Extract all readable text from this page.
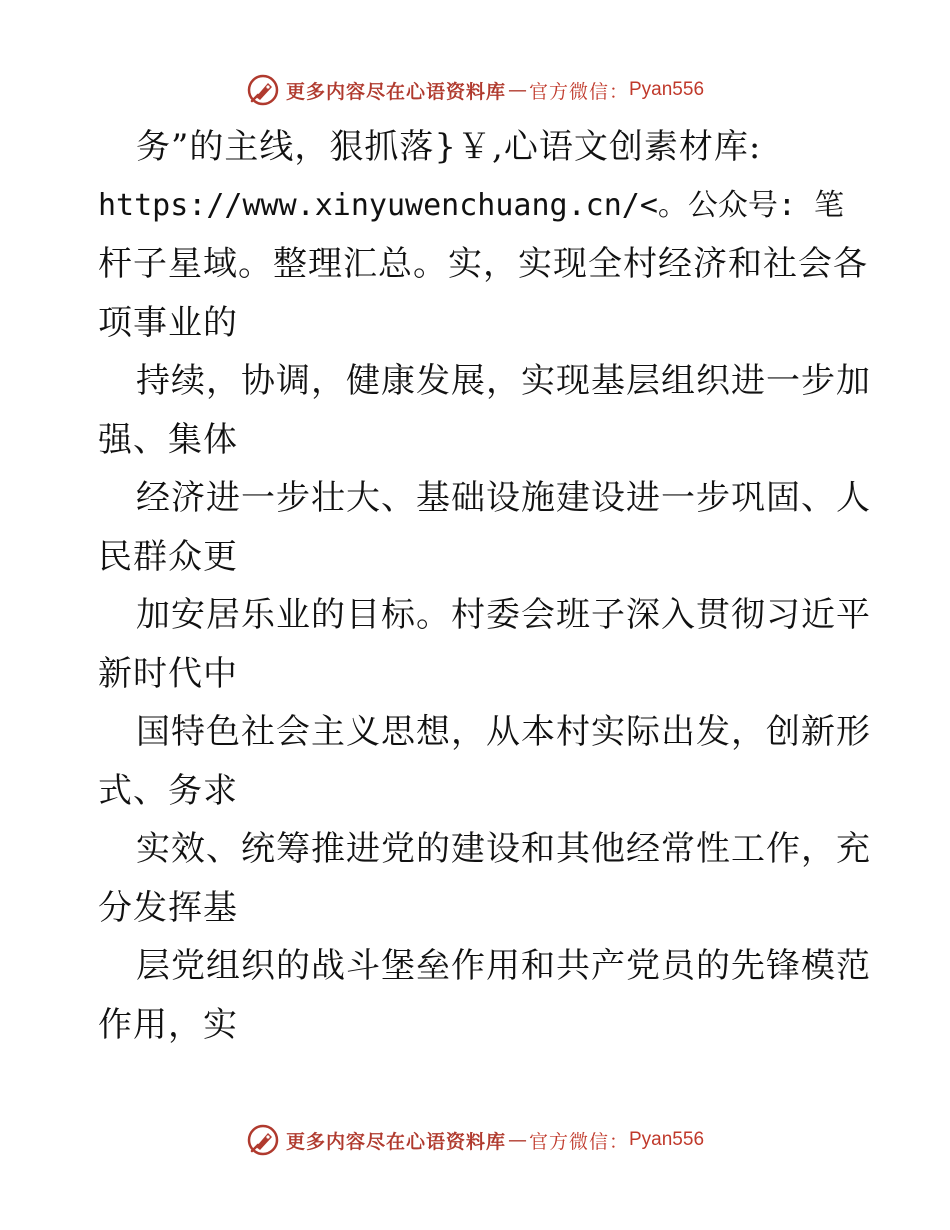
更多内容尽在心语资料库 — 官方微信： Pyan556
务”的主线，狠抓落}￥,心语文创素材库:
https://www.xinyuwenchuang.cn/<。公众号: 笔
杆子星域。整理汇总。实，实现全村经济和社会各
项事业的
持续，协调，健康发展，实现基层组织进一步加
强、集体
经济进一步壮大、基础设施建设进一步巩固、人
民群众更
加安居乐业的目标。村委会班子深入贯彻习近平
新时代中
国特色社会主义思想，从本村实际出发，创新形
式、务求
实效、统筹推进党的建设和其他经常性工作，充
分发挥基
层党组织的战斗堡垒作用和共产党员的先锋模范
作用，实
更多内容尽在心语资料库 — 官方微信： Pyan556
